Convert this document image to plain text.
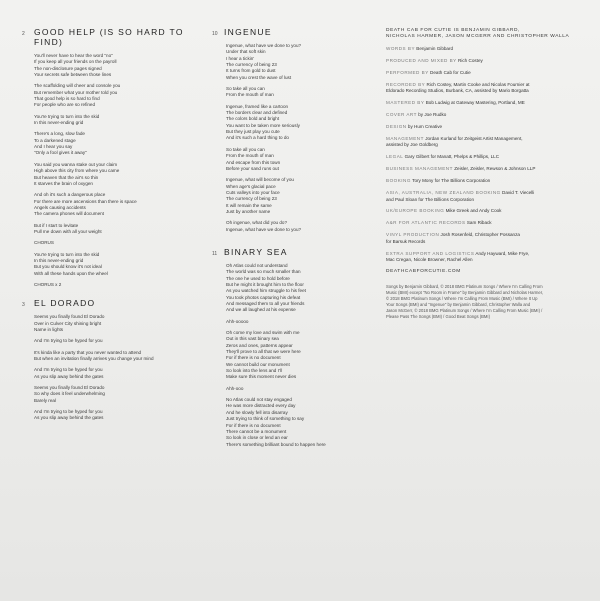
2	GOOD HELP (IS SO HARD TO FIND)
You'll never have to hear the word "no"
If you keep all your friends on the payroll
The non-disclosure pages signed
Your secrets safe between those lines
The scaffolding will cheer and console you
But remember what your mother told you
That good help is so hard to find
For people who are so refined
You're trying to turn into the skid
In this never-ending grid
There's a long, slow fade
To a darkened stage
And I hear you say
"Only a fool gives it away"
You said you wanna stake out your claim
High above this city from where you came
But heaven that the air's so thin
It starves the brain of oxygen
And oh it's such a dangerous place
For there are more ascensions than there is space
Angels causing accidents
The camera phones will document
But if I start to levitate
Pull me down with all your weight
CHORUS
You're trying to turn into the skid
In this never-ending grid
But you should know it's not ideal
With all these hands upon the wheel
CHORUS x 2
3	EL DORADO
Seems you finally found El Dorado
Over in Culver City shining bright
Name in lights
And I'm trying to be hyped for you
It's kinda like a party that you never wanted to attend
But when an invitation finally arrives you change your mind
And I'm trying to be hyped for you
As you slip away behind the gates
Seems you finally found El Dorado
So why does it feel underwhelming
Barely real
And I'm trying to be hyped for you
As you slip away behind the gates
10 INGENUE
Ingenue, what have we done to you?
Under that soft skin
I hear a tickin'
The currency of being 23
It turns from gold to dust
When you crest the wave of lust
So take all you can
From the mouth of man
Ingenue, framed like a cartoon
The borders clear and defined
The colors bold and bright
You want to be taken more seriously
But they just play you cute
And it's such a hard thing to do
So take all you can
From the mouth of man
And escape from this town
Before your sand runs out
Ingenue, what will become of you
When age's glacial pace
Cuts valleys into your face
The currency of being 23
It will remain the same
Just by another name
Oh ingenue, what did you do?
Ingenue, what have we done to you?
11 BINARY SEA
Oh Atlas could not understand
The world was so much smaller than
The one he used to hold before
But he might it brought him to the floor
As you watched him struggle to his feet
You took photos capturing his defeat
And messaged them to all your friends
And we all laughed at his expense
Ahh-ooooo
Oh come my love and swim with me
Out in this vast binary sea
Zeros and ones, patterns appear
They'll prove to all that we were here
For if there is no document
We cannot build our monument
So look into the lens and I'll
Make sure this moment never dies
Ahh-ooo
No Atlas could not stay engaged
He was more distracted every day
And he slowly fell into disarray
Just trying to think of something to say
For if there is no document
There cannot be a monument
So look in close or lend an ear
There's something brilliant bound to happen here
DEATH CAB FOR CUTIE IS BENJAMIN GIBBARD,
NICHOLAS HARMER, JASON MCGERR AND CHRISTOPHER WALLA
WORDS BY Benjamin Gibbard
PRODUCED AND MIXED BY Rich Costey
PERFORMED BY Death Cab for Cutie
RECORDED BY Rich Costey, Martin Cooke and Nicolas Fournier at
Eldorado Recording Studios, Burbank, CA, assisted by Mario Borgatta
MASTERED BY Bob Ludwig at Gateway Mastering, Portland, ME
COVER ART by Joe Rudko
DESIGN by Hum Creative
MANAGEMENT Jordan Kurland for Zeitgeist Artist Management,
assisted by Joe Goldberg
LEGAL Gary Gilbert for Manatt, Phelps & Phillips, LLC
BUSINESS MANAGEMENT Zeisler, Zeisler, Rewson & Johnson LLP
BOOKING Tory Mony for The Billions Corporation
ASIA, AUSTRALIA, NEW ZEALAND BOOKING David T. Viecelli
and Paul Sloan for The Billions Corporation
UK/EUROPE BOOKING Mike Greek and Andy Cook
A&R FOR ATLANTIC RECORDS Sam Riback
VINYL PRODUCTION Josh Rosenfeld, Christopher Possanza
for Barsuk Records
EXTRA SUPPORT AND LOGISTICS Andy Hayward, Mike Frye,
Mac Cregan, Nicole Browner, Rachel Allen
DEATHCABFORCUTIE.COM
Songs by Benjamin Gibbard, © 2018 BMG Platinum Songs / Where I'm Calling From
Music (BMI) except "No Room in Frame" by Benjamin Gibbard and Nicholas Harmer,
© 2018 BMG Platinum Songs / Where I'm Calling From Music (BMI) / Where It Up
Your Songs (BMI) and "Ingenue" by Benjamin Gibbard, Christopher Walla and
Jason McGerr, © 2018 BMG Platinum Songs / Where I'm Calling From Music (BMI) /
Please Pass The Songs (BMI) / Good Beat Songs (BMI)
